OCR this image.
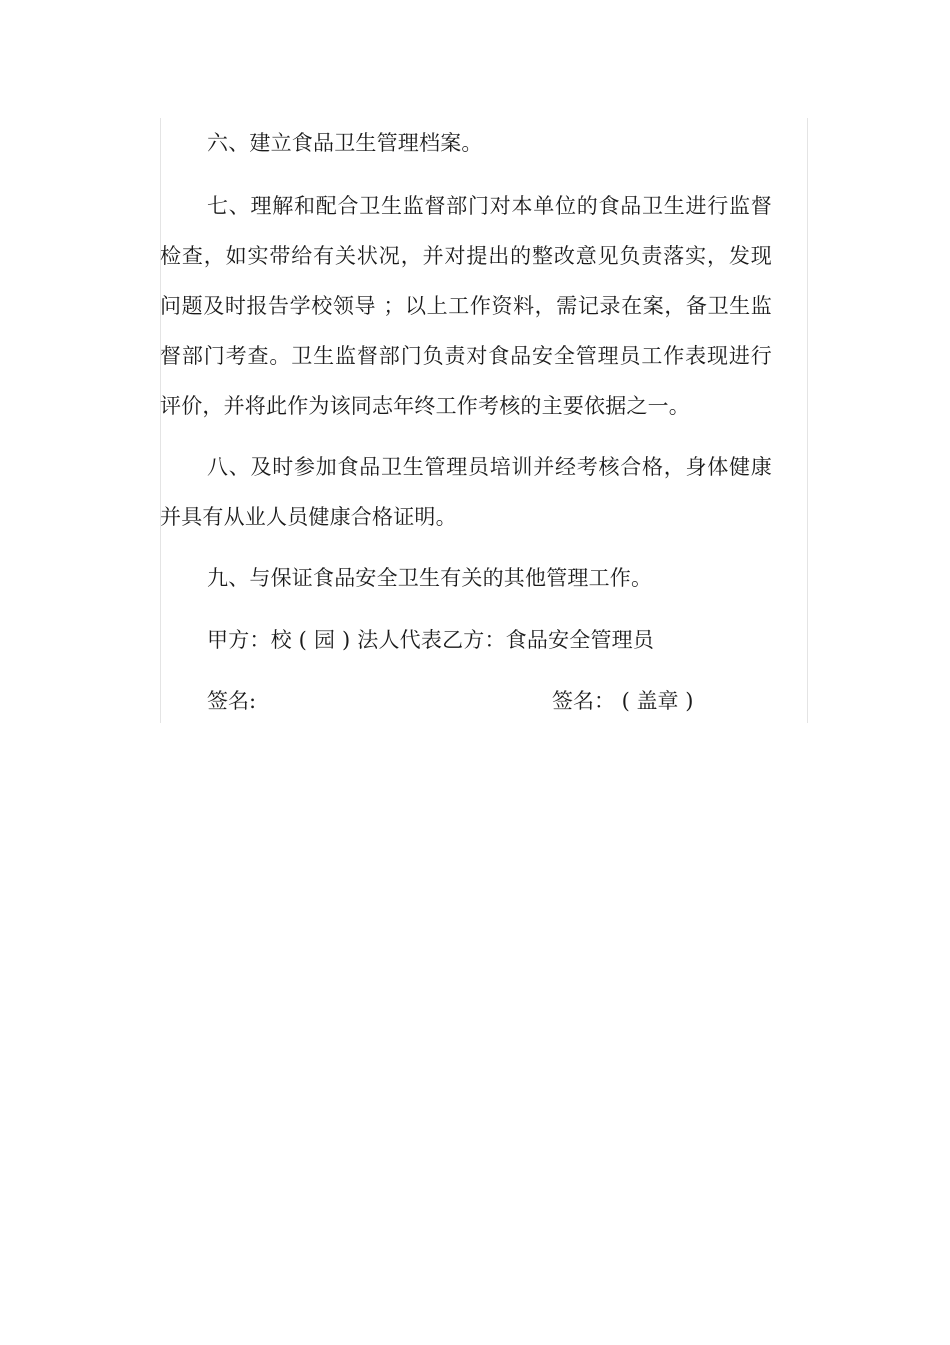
六、建立食品卫生管理档案。

七、理解和配合卫生监督部门对本单位的食品卫生进行监督检查，如实带给有关状况，并对提出的整改意见负责落实，发现问题及时报告学校领导 ；以上工作资料，需记录在案，备卫生监督部门考查。卫生监督部门负责对食品安全管理员工作表现进行评价，并将此作为该同志年终工作考核的主要依据之一。

八、及时参加食品卫生管理员培训并经考核合格，身体健康并具有从业人员健康合格证明。

九、与保证食品安全卫生有关的其他管理工作。

甲方：校 ( 园 ) 法人代表乙方：食品安全管理员

签名:	签名： ( 盖章 )
